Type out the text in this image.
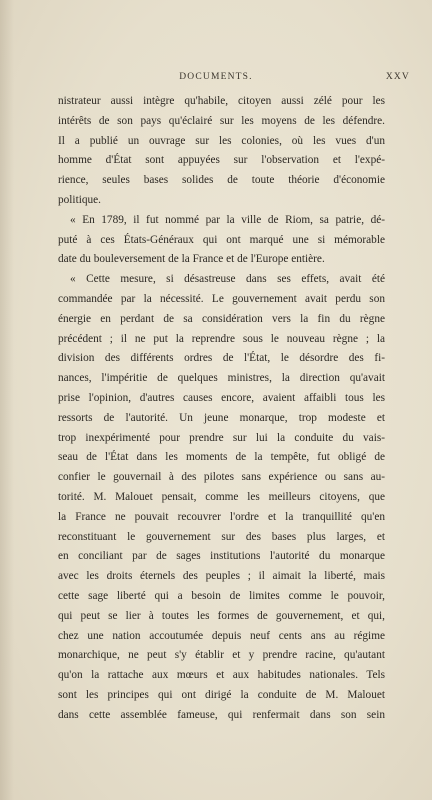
DOCUMENTS.	XXV
nistrateur aussi intègre qu'habile, citoyen aussi zélé pour les
intérêts de son pays qu'éclairé sur les moyens de les défendre.
Il a publié un ouvrage sur les colonies, où les vues d'un
homme d'État sont appuyées sur l'observation et l'expé-
rience, seules bases solides de toute théorie d'économie
politique.
« En 1789, il fut nommé par la ville de Riom, sa patrie, dé-
puté à ces États-Généraux qui ont marqué une si mémorable
date du bouleversement de la France et de l'Europe entière.
« Cette mesure, si désastreuse dans ses effets, avait été
commandée par la nécessité. Le gouvernement avait perdu son
énergie en perdant de sa considération vers la fin du règne
précédent ; il ne put la reprendre sous le nouveau règne ; la
division des différents ordres de l'État, le désordre des fi-
nances, l'impéritie de quelques ministres, la direction qu'avait
prise l'opinion, d'autres causes encore, avaient affaibli tous les
ressorts de l'autorité. Un jeune monarque, trop modeste et
trop inexpérimenté pour prendre sur lui la conduite du vais-
seau de l'État dans les moments de la tempête, fut obligé de
confier le gouvernail à des pilotes sans expérience ou sans au-
torité. M. Malouet pensait, comme les meilleurs citoyens, que
la France ne pouvait recouvrer l'ordre et la tranquillité qu'en
reconstituant le gouvernement sur des bases plus larges, et
en conciliant par de sages institutions l'autorité du monarque
avec les droits éternels des peuples ; il aimait la liberté, mais
cette sage liberté qui a besoin de limites comme le pouvoir,
qui peut se lier à toutes les formes de gouvernement, et qui,
chez une nation accoutumée depuis neuf cents ans au régime
monarchique, ne peut s'y établir et y prendre racine, qu'autant
qu'on la rattache aux mœurs et aux habitudes nationales. Tels
sont les principes qui ont dirigé la conduite de M. Malouet
dans cette assemblée fameuse, qui renfermait dans son sein
